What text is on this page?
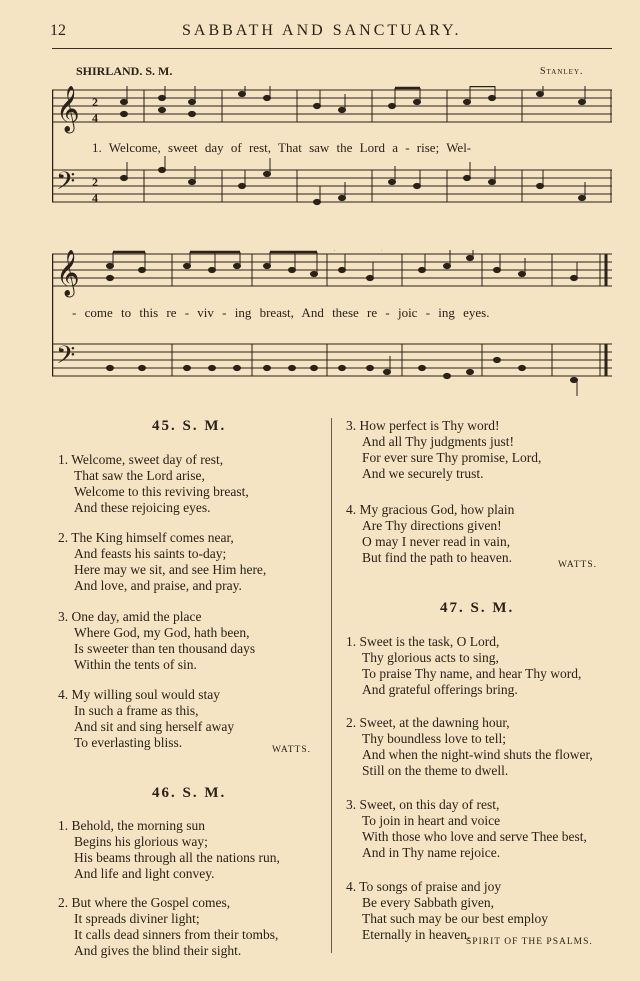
12	SABBATH AND SANCTUARY.
SHIRLAND. S. M.	Stanley.
𝄞
𝄢
2
4
2
4
1. Welcome, sweet day of rest, That saw the Lord a - rise; Wel-
𝄞
𝄢
- come to this re - viv - ing breast, And these re - joic - ing eyes.
45. S. M.
1. Welcome, sweet day of rest,
That saw the Lord arise,
Welcome to this reviving breast,
And these rejoicing eyes.
2. The King himself comes near,
And feasts his saints to-day;
Here may we sit, and see Him here,
And love, and praise, and pray.
3. One day, amid the place
Where God, my God, hath been,
Is sweeter than ten thousand days
Within the tents of sin.
4. My willing soul would stay
In such a frame as this,
And sit and sing herself away
To everlasting bliss.	WATTS.
46. S. M.
1. Behold, the morning sun
Begins his glorious way;
His beams through all the nations run,
And life and light convey.
2. But where the Gospel comes,
It spreads diviner light;
It calls dead sinners from their tombs,
And gives the blind their sight.
3. How perfect is Thy word!
And all Thy judgments just!
For ever sure Thy promise, Lord,
And we securely trust.
4. My gracious God, how plain
Are Thy directions given!
O may I never read in vain,
But find the path to heaven.	WATTS.
47. S. M.
1. Sweet is the task, O Lord,
Thy glorious acts to sing,
To praise Thy name, and hear Thy word,
And grateful offerings bring.
2. Sweet, at the dawning hour,
Thy boundless love to tell;
And when the night-wind shuts the flower,
Still on the theme to dwell.
3. Sweet, on this day of rest,
To join in heart and voice
With those who love and serve Thee best,
And in Thy name rejoice.
4. To songs of praise and joy
Be every Sabbath given,
That such may be our best employ
Eternally in heaven.
SPIRIT OF THE PSALMS.
